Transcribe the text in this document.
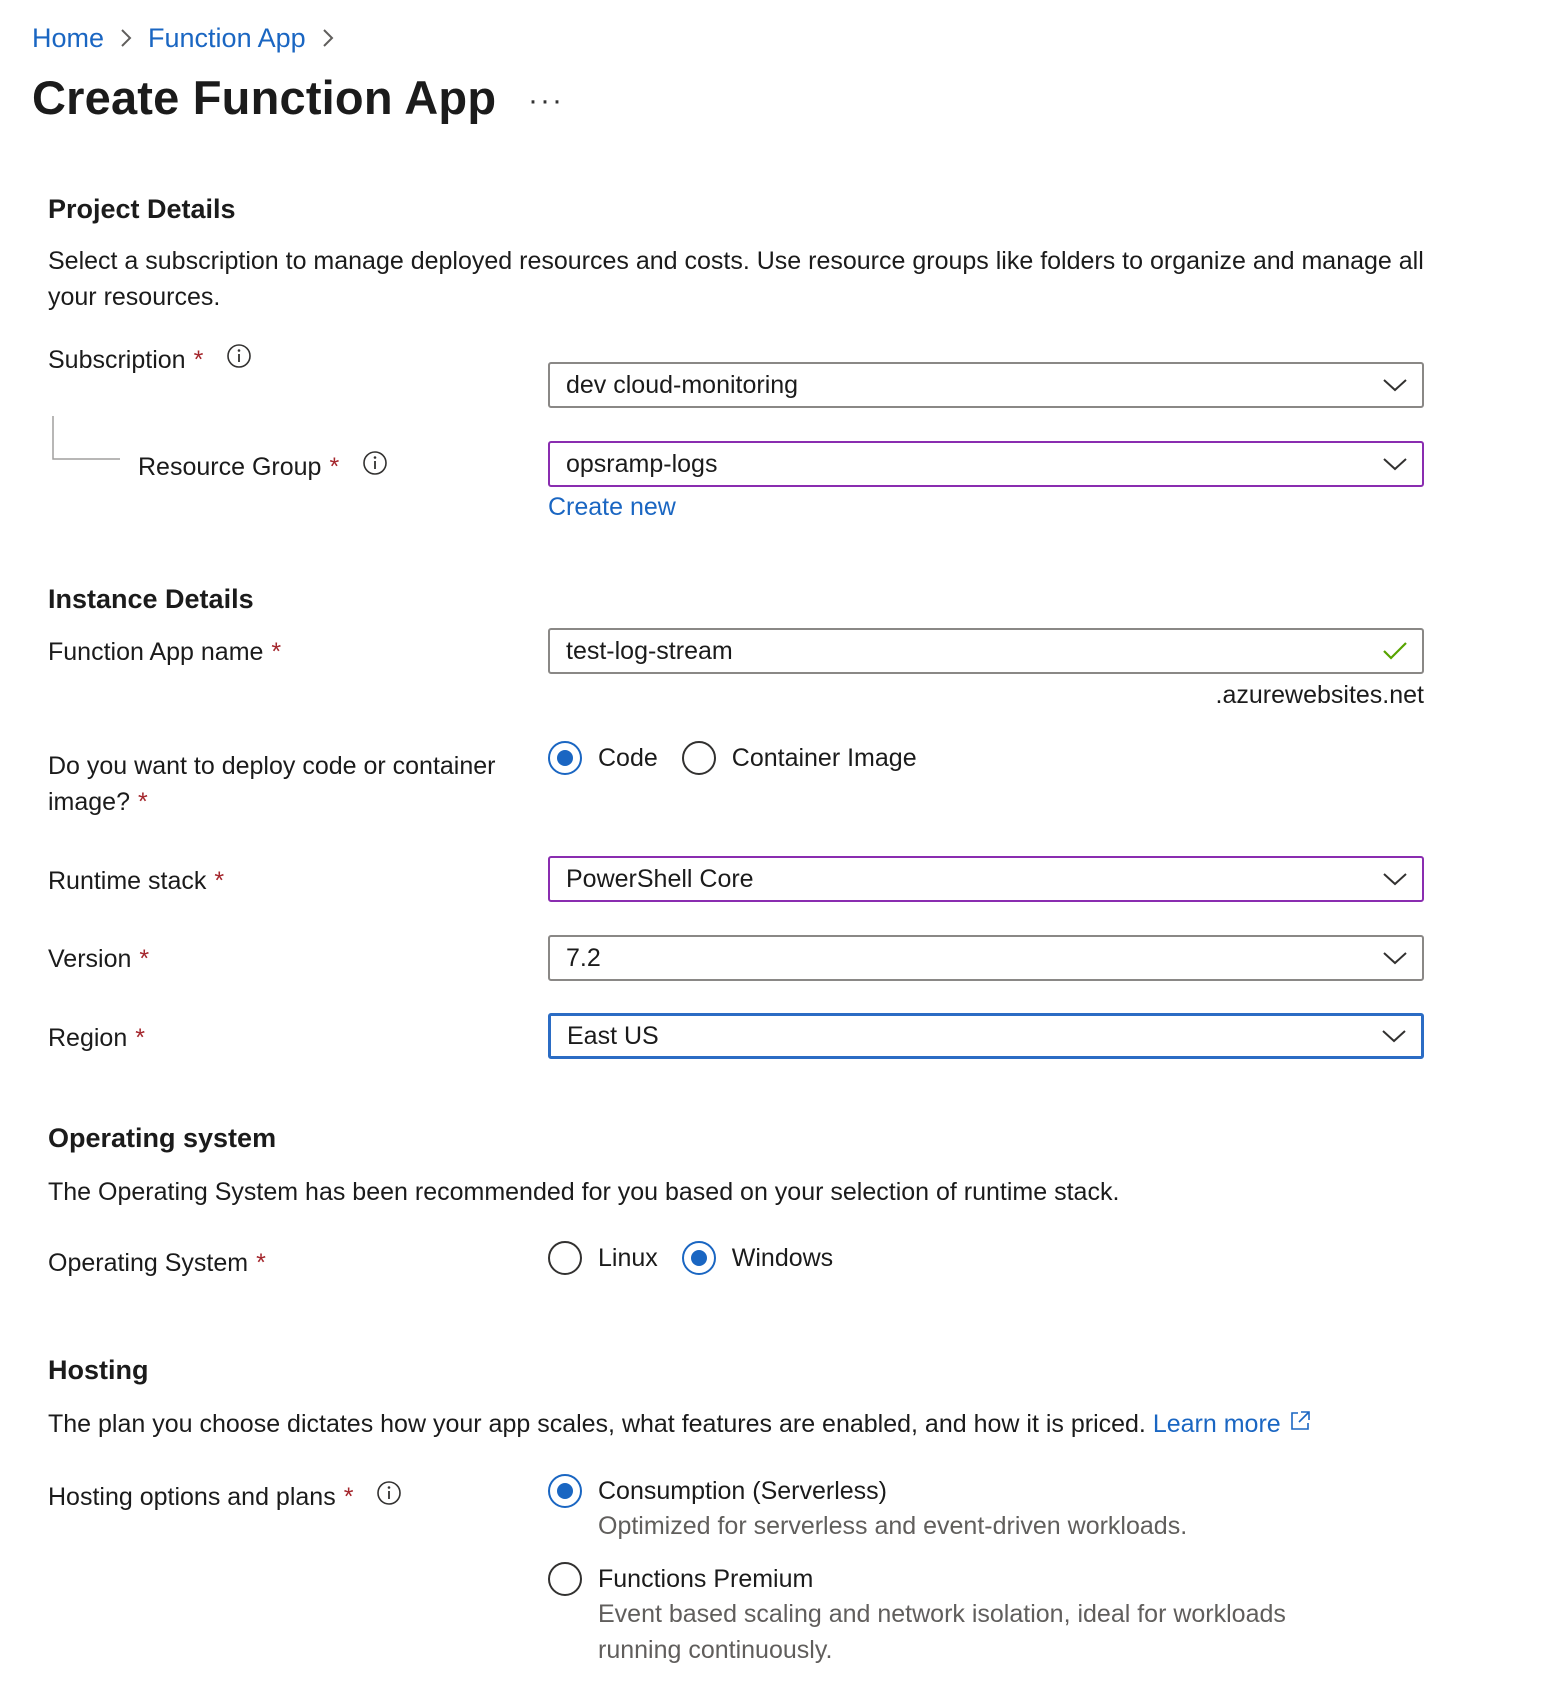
Home Function App
Create Function App ···
Project Details
Select a subscription to manage deployed resources and costs. Use resource groups like folders to organize and manage all your resources.
Subscription *
dev cloud-monitoring
Resource Group *	opsramp-logs
Create new
Instance Details
Function App name *	test-log-stream
.azurewebsites.net
Do you want to deploy code or container image? *
Code	Container Image
Runtime stack *	PowerShell Core
Version *	7.2
Region *	East US
Operating system
The Operating System has been recommended for you based on your selection of runtime stack.
Operating System *	Linux	Windows
Hosting
The plan you choose dictates how your app scales, what features are enabled, and how it is priced. Learn more
Hosting options and plans *	Consumption (Serverless)
Optimized for serverless and event-driven workloads.
Functions Premium
Event based scaling and network isolation, ideal for workloads
running continuously.
